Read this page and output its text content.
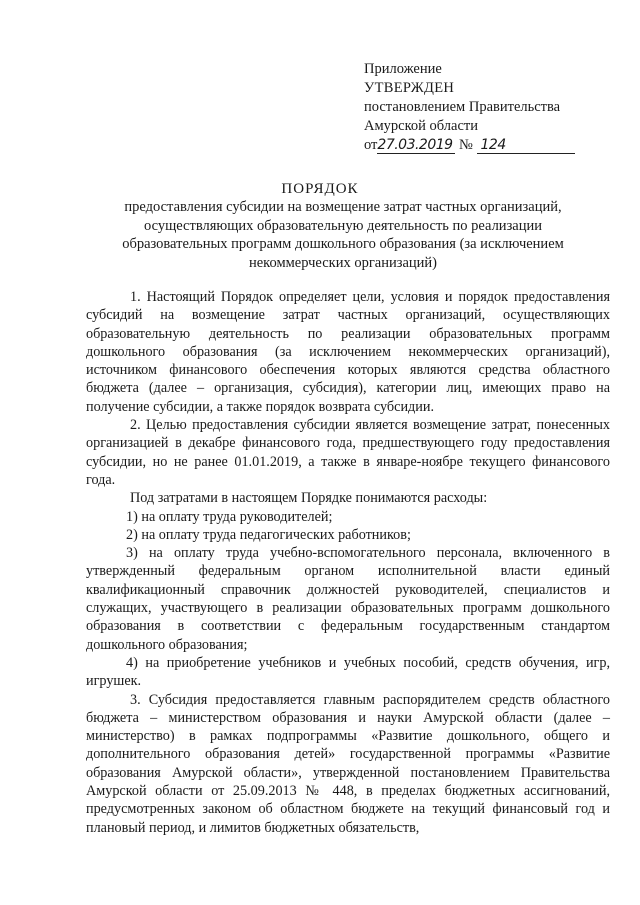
Приложение
УТВЕРЖДЕН
постановлением Правительства
Амурской области
от27.03.2019 № 124
ПОРЯДОК
предоставления субсидии на возмещение затрат частных организаций, осуществляющих образовательную деятельность по реализации образовательных программ дошкольного образования (за исключением некоммерческих организаций)

1. Настоящий Порядок определяет цели, условия и порядок предоставления субсидий на возмещение затрат частных организаций, осуществляющих образовательную деятельность по реализации образовательных программ дошкольного образования (за исключением некоммерческих организаций), источником финансового обеспечения которых являются средства областного бюджета (далее – организация, субсидия), категории лиц, имеющих право на получение субсидии, а также порядок возврата субсидии.

2. Целью предоставления субсидии является возмещение затрат, понесенных организацией в декабре финансового года, предшествующего году предоставления субсидии, но не ранее 01.01.2019, а также в январе-ноябре текущего финансового года.

Под затратами в настоящем Порядке понимаются расходы:

1) на оплату труда руководителей;

2) на оплату труда педагогических работников;

3) на оплату труда учебно-вспомогательного персонала, включенного в утвержденный федеральным органом исполнительной власти единый квалификационный справочник должностей руководителей, специалистов и служащих, участвующего в реализации образовательных программ дошкольного образования в соответствии с федеральным государственным стандартом дошкольного образования;

4) на приобретение учебников и учебных пособий, средств обучения, игр, игрушек.

3. Субсидия предоставляется главным распорядителем средств областного бюджета – министерством образования и науки Амурской области (далее – министерство) в рамках подпрограммы «Развитие дошкольного, общего и дополнительного образования детей» государственной программы «Развитие образования Амурской области», утвержденной постановлением Правительства Амурской области от 25.09.2013 № 448, в пределах бюджетных ассигнований, предусмотренных законом об областном бюджете на текущий финансовый год и плановый период, и лимитов бюджетных обязательств,
